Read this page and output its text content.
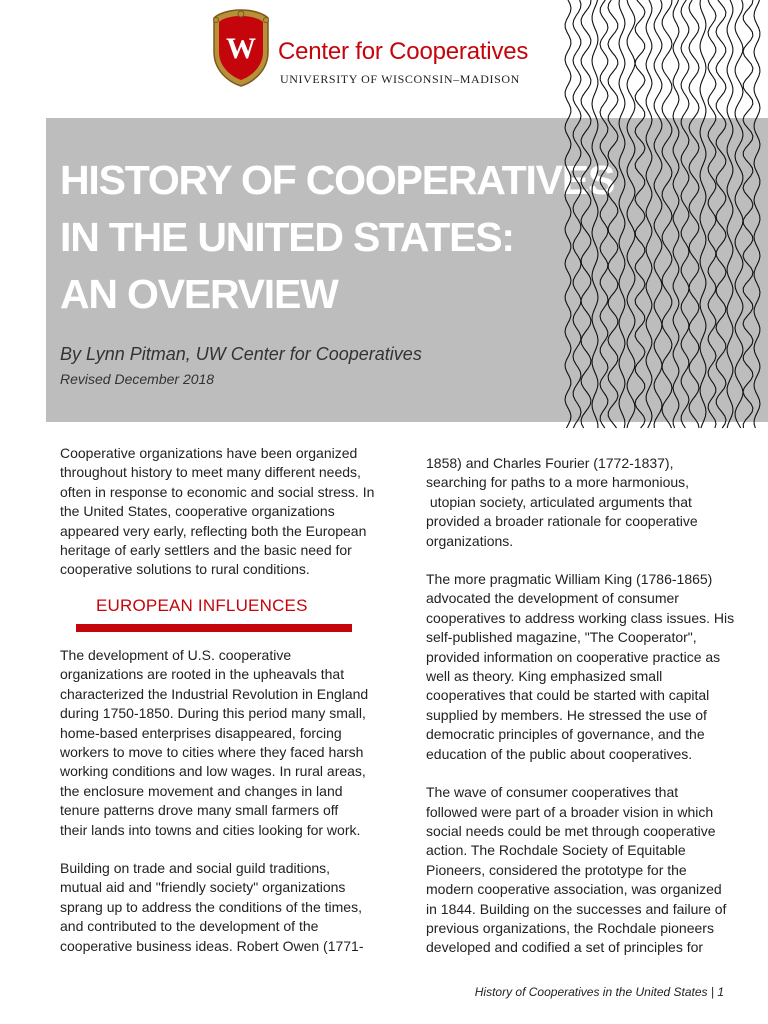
W Center for Cooperatives
UNIVERSITY OF WISCONSIN–MADISON
HISTORY OF COOPERATIVES
IN THE UNITED STATES:
AN OVERVIEW
By Lynn Pitman, UW Center for Cooperatives
Revised December 2018
Cooperative organizations have been organized
throughout history to meet many different needs,
often in response to economic and social stress. In
the United States, cooperative organizations
appeared very early, reflecting both the European
heritage of early settlers and the basic need for
cooperative solutions to rural conditions.
EUROPEAN INFLUENCES
The development of U.S. cooperative
organizations are rooted in the upheavals that
characterized the Industrial Revolution in England
during 1750-1850. During this period many small,
home-based enterprises disappeared, forcing
workers to move to cities where they faced harsh
working conditions and low wages. In rural areas,
the enclosure movement and changes in land
tenure patterns drove many small farmers off
their lands into towns and cities looking for work.
Building on trade and social guild traditions,
mutual aid and "friendly society" organizations
sprang up to address the conditions of the times,
and contributed to the development of the
cooperative business ideas. Robert Owen (1771-
1858) and Charles Fourier (1772-1837),
searching for paths to a more harmonious,
utopian society, articulated arguments that
provided a broader rationale for cooperative
organizations.
The more pragmatic William King (1786-1865)
advocated the development of consumer
cooperatives to address working class issues. His
self-published magazine, "The Cooperator",
provided information on cooperative practice as
well as theory. King emphasized small
cooperatives that could be started with capital
supplied by members. He stressed the use of
democratic principles of governance, and the
education of the public about cooperatives.
The wave of consumer cooperatives that
followed were part of a broader vision in which
social needs could be met through cooperative
action. The Rochdale Society of Equitable
Pioneers, considered the prototype for the
modern cooperative association, was organized
in 1844. Building on the successes and failure of
previous organizations, the Rochdale pioneers
developed and codified a set of principles for
History of Cooperatives in the United States | 1
